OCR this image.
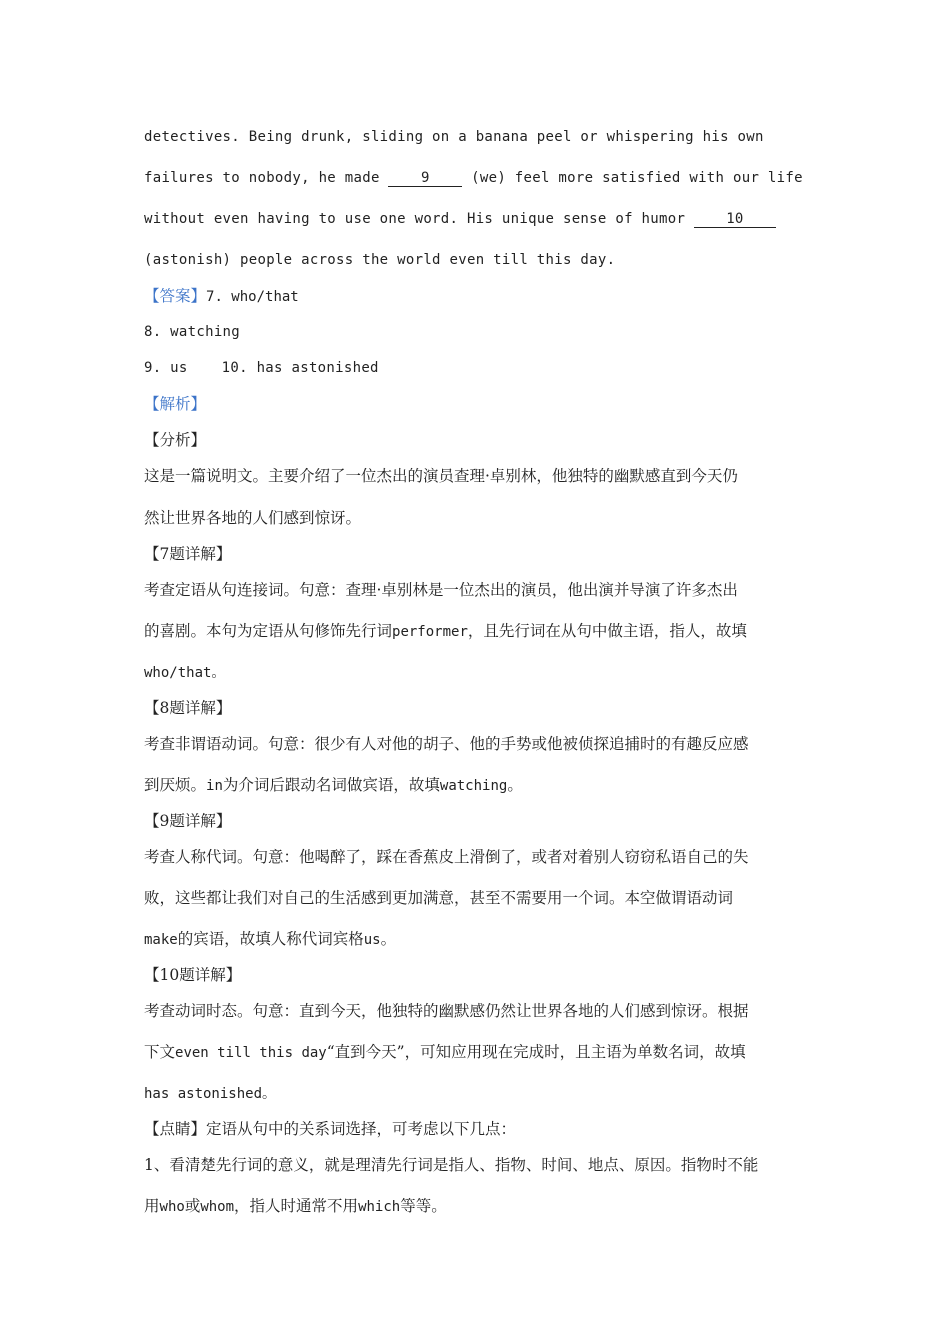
detectives. Being drunk, sliding on a banana peel or whispering his own
failures to nobody, he made 9 (we) feel more satisfied with our life
without even having to use one word. His unique sense of humor 10
(astonish) people across the world even till this day.
【答案】7. who/that
8. watching
9. us 10. has astonished
【解析】
【分析】
这是一篇说明文。主要介绍了一位杰出的演员查理·卓别林，他独特的幽默感直到今天仍
然让世界各地的人们感到惊讶。
【7题详解】
考查定语从句连接词。句意：查理·卓别林是一位杰出的演员，他出演并导演了许多杰出
的喜剧。本句为定语从句修饰先行词performer，且先行词在从句中做主语，指人，故填
who/that。
【8题详解】
考查非谓语动词。句意：很少有人对他的胡子、他的手势或他被侦探追捕时的有趣反应感
到厌烦。in为介词后跟动名词做宾语，故填watching。
【9题详解】
考查人称代词。句意：他喝醉了，踩在香蕉皮上滑倒了，或者对着别人窃窃私语自己的失
败，这些都让我们对自己的生活感到更加满意，甚至不需要用一个词。本空做谓语动词
make的宾语，故填人称代词宾格us。
【10题详解】
考查动词时态。句意：直到今天，他独特的幽默感仍然让世界各地的人们感到惊讶。根据
下文even till this day“直到今天”，可知应用现在完成时，且主语为单数名词，故填
has astonished。
【点睛】定语从句中的关系词选择，可考虑以下几点：
1、看清楚先行词的意义，就是理清先行词是指人、指物、时间、地点、原因。指物时不能
用who或whom，指人时通常不用which等等。
